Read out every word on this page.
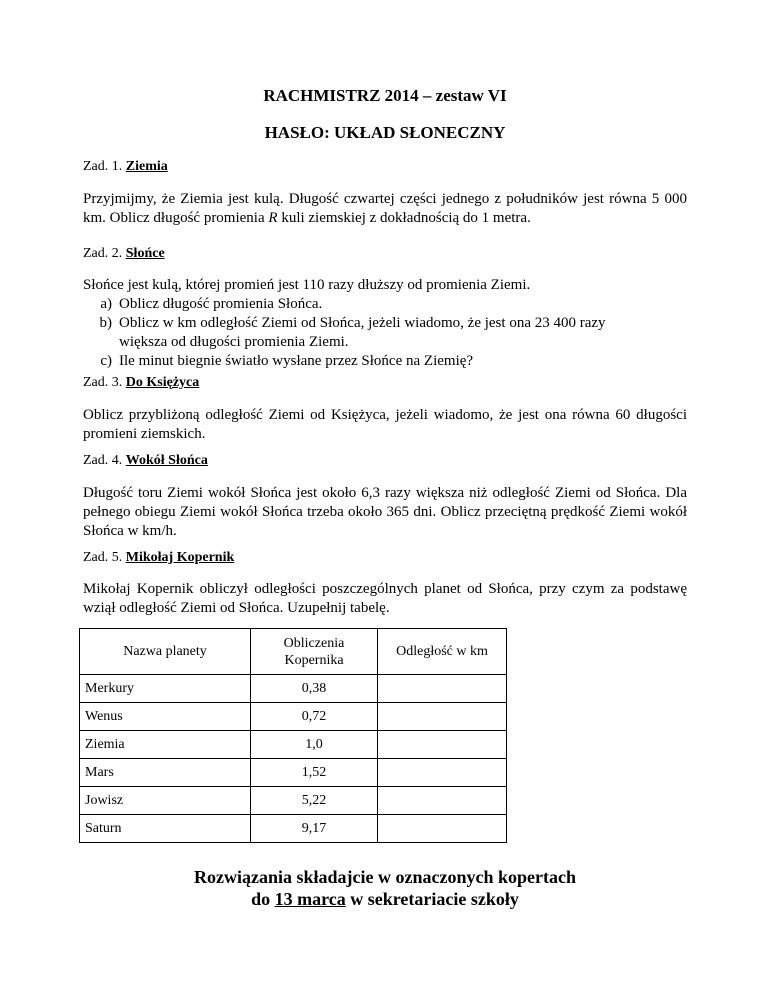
RACHMISTRZ 2014 – zestaw VI
HASŁO: UKŁAD SŁONECZNY
Zad. 1. Ziemia
Przyjmijmy, że Ziemia jest kulą. Długość czwartej części jednego z południków jest równa 5 000 km. Oblicz długość promienia R kuli ziemskiej z dokładnością do 1 metra.
Zad. 2. Słońce
Słońce jest kulą, której promień jest 110 razy dłuższy od promienia Ziemi.
a) Oblicz długość promienia Słońca.
b) Oblicz w km odległość Ziemi od Słońca, jeżeli wiadomo, że jest ona 23 400 razy większa od długości promienia Ziemi.
c) Ile minut biegnie światło wysłane przez Słońce na Ziemię?
Zad. 3. Do Księżyca
Oblicz przybliżoną odległość Ziemi od Księżyca, jeżeli wiadomo, że jest ona równa 60 długości promieni ziemskich.
Zad. 4. Wokół Słońca
Długość toru Ziemi wokół Słońca jest około 6,3 razy większa niż odległość Ziemi od Słońca. Dla pełnego obiegu Ziemi wokół Słońca trzeba około 365 dni. Oblicz przeciętną prędkość Ziemi wokół Słońca w km/h.
Zad. 5. Mikołaj Kopernik
Mikołaj Kopernik obliczył odległości poszczególnych planet od Słońca, przy czym za podstawę wziął odległość Ziemi od Słońca. Uzupełnij tabelę.
Nazwa planety	Obliczenia Kopernika	Odległość w km
Merkury	0,38	
Wenus	0,72	
Ziemia	1,0	
Mars	1,52	
Jowisz	5,22	
Saturn	9,17	
Rozwiązania składajcie w oznaczonych kopertach
do 13 marca w sekretariacie szkoły
